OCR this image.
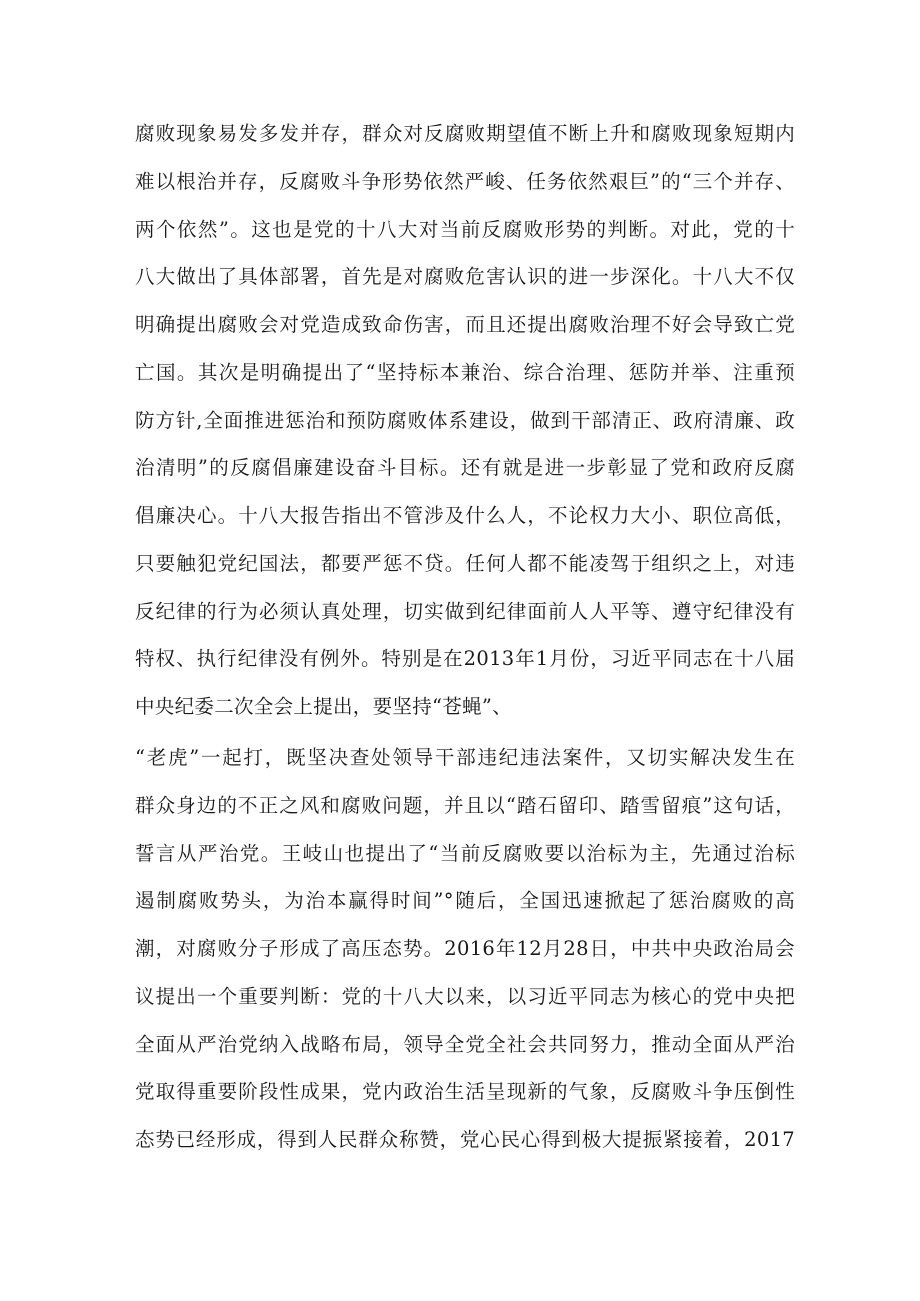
腐败现象易发多发并存，群众对反腐败期望值不断上升和腐败现象短期内
难以根治并存，反腐败斗争形势依然严峻、任务依然艰巨”的“三个并存、
两个依然”。这也是党的十八大对当前反腐败形势的判断。对此，党的十
八大做出了具体部署，首先是对腐败危害认识的进一步深化。十八大不仅
明确提出腐败会对党造成致命伤害，而且还提出腐败治理不好会导致亡党
亡国。其次是明确提出了“坚持标本兼治、综合治理、惩防并举、注重预
防方针,全面推进惩治和预防腐败体系建设，做到干部清正、政府清廉、政
治清明”的反腐倡廉建设奋斗目标。还有就是进一步彰显了党和政府反腐
倡廉决心。十八大报告指出不管涉及什么人，不论权力大小、职位高低，
只要触犯党纪国法，都要严惩不贷。任何人都不能凌驾于组织之上，对违
反纪律的行为必须认真处理，切实做到纪律面前人人平等、遵守纪律没有
特权、执行纪律没有例外。特别是在2013年1月份，习近平同志在十八届
中央纪委二次全会上提出，要坚持“苍蝇”、
“老虎”一起打，既坚决查处领导干部违纪违法案件，又切实解决发生在
群众身边的不正之风和腐败问题，并且以“踏石留印、踏雪留痕”这句话，
誓言从严治党。王岐山也提出了“当前反腐败要以治标为主，先通过治标
遏制腐败势头，为治本赢得时间”°随后，全国迅速掀起了惩治腐败的高
潮，对腐败分子形成了高压态势。2016年12月28日，中共中央政治局会
议提出一个重要判断：党的十八大以来，以习近平同志为核心的党中央把
全面从严治党纳入战略布局，领导全党全社会共同努力，推动全面从严治
党取得重要阶段性成果，党内政治生活呈现新的气象，反腐败斗争压倒性
态势已经形成，得到人民群众称赞，党心民心得到极大提振紧接着，2017
